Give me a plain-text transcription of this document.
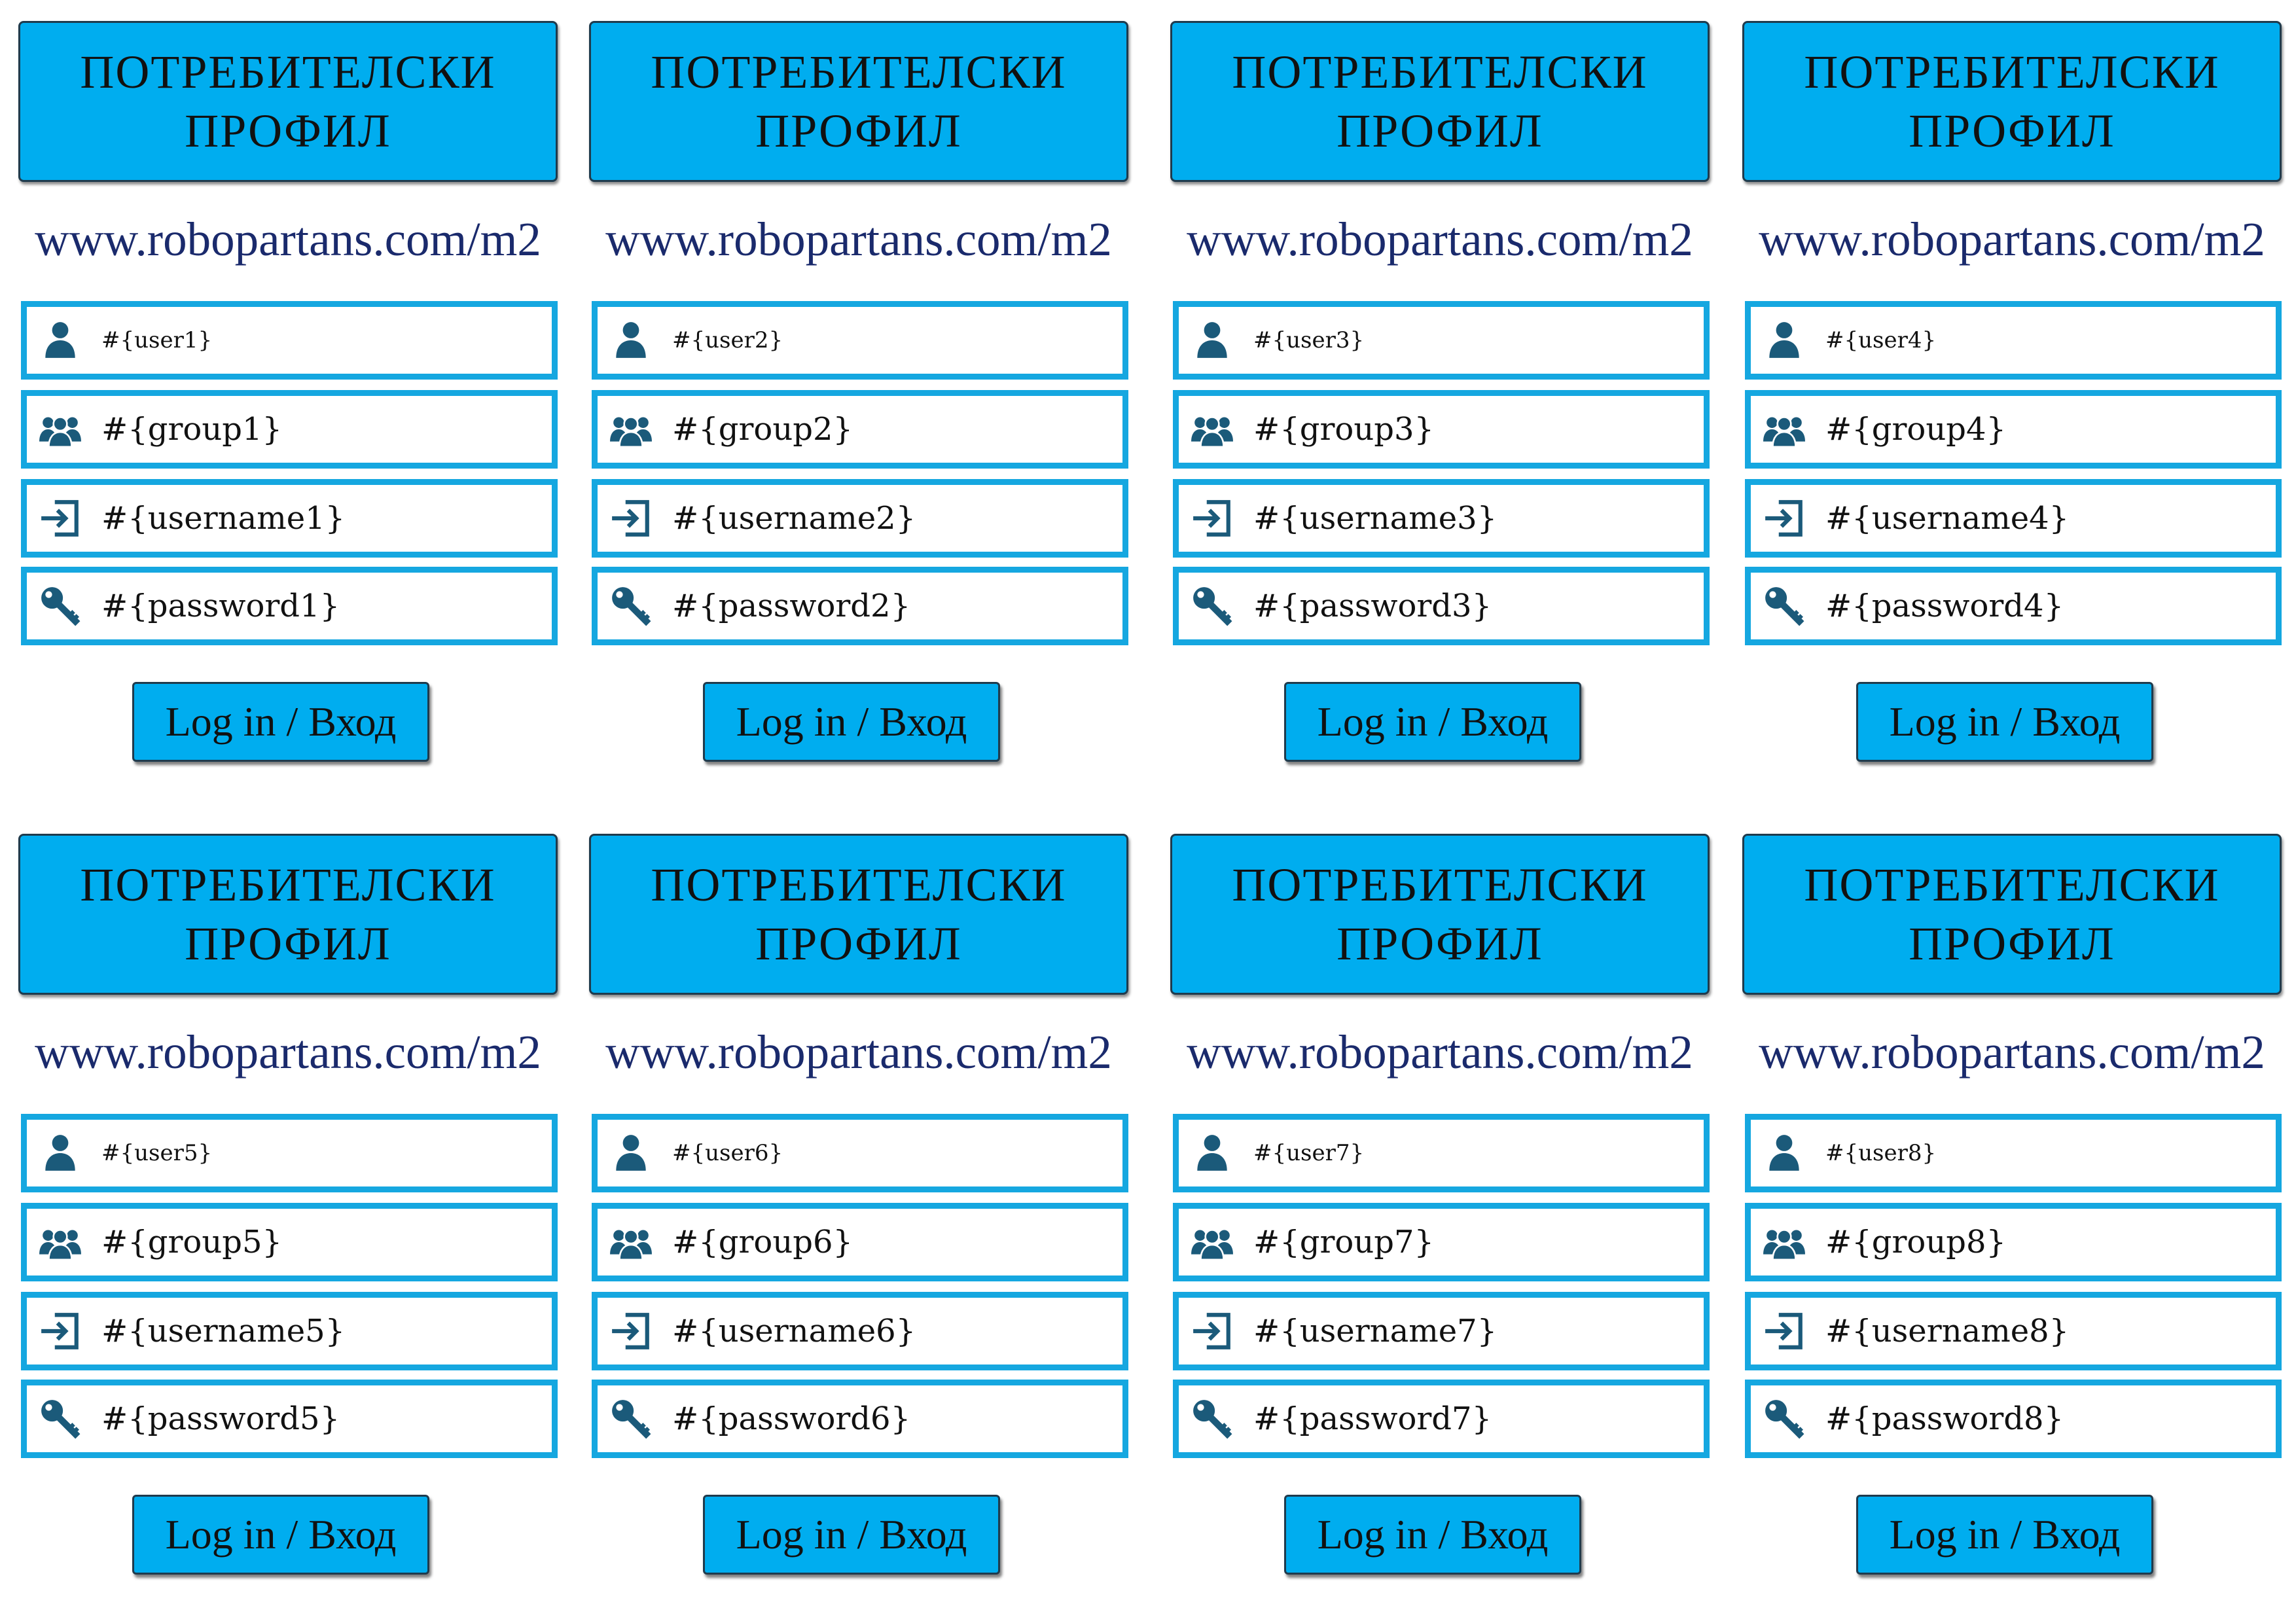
ПОТРЕБИТЕЛСКИ
ПРОФИЛ
www.robopartans.com/m2
#{user1}
#{group1}
#{username1}
#{password1}
Log in / Вход
ПОТРЕБИТЕЛСКИ
ПРОФИЛ
www.robopartans.com/m2
#{user2}
#{group2}
#{username2}
#{password2}
Log in / Вход
ПОТРЕБИТЕЛСКИ
ПРОФИЛ
www.robopartans.com/m2
#{user3}
#{group3}
#{username3}
#{password3}
Log in / Вход
ПОТРЕБИТЕЛСКИ
ПРОФИЛ
www.robopartans.com/m2
#{user4}
#{group4}
#{username4}
#{password4}
Log in / Вход
ПОТРЕБИТЕЛСКИ
ПРОФИЛ
www.robopartans.com/m2
#{user5}
#{group5}
#{username5}
#{password5}
Log in / Вход
ПОТРЕБИТЕЛСКИ
ПРОФИЛ
www.robopartans.com/m2
#{user6}
#{group6}
#{username6}
#{password6}
Log in / Вход
ПОТРЕБИТЕЛСКИ
ПРОФИЛ
www.robopartans.com/m2
#{user7}
#{group7}
#{username7}
#{password7}
Log in / Вход
ПОТРЕБИТЕЛСКИ
ПРОФИЛ
www.robopartans.com/m2
#{user8}
#{group8}
#{username8}
#{password8}
Log in / Вход
